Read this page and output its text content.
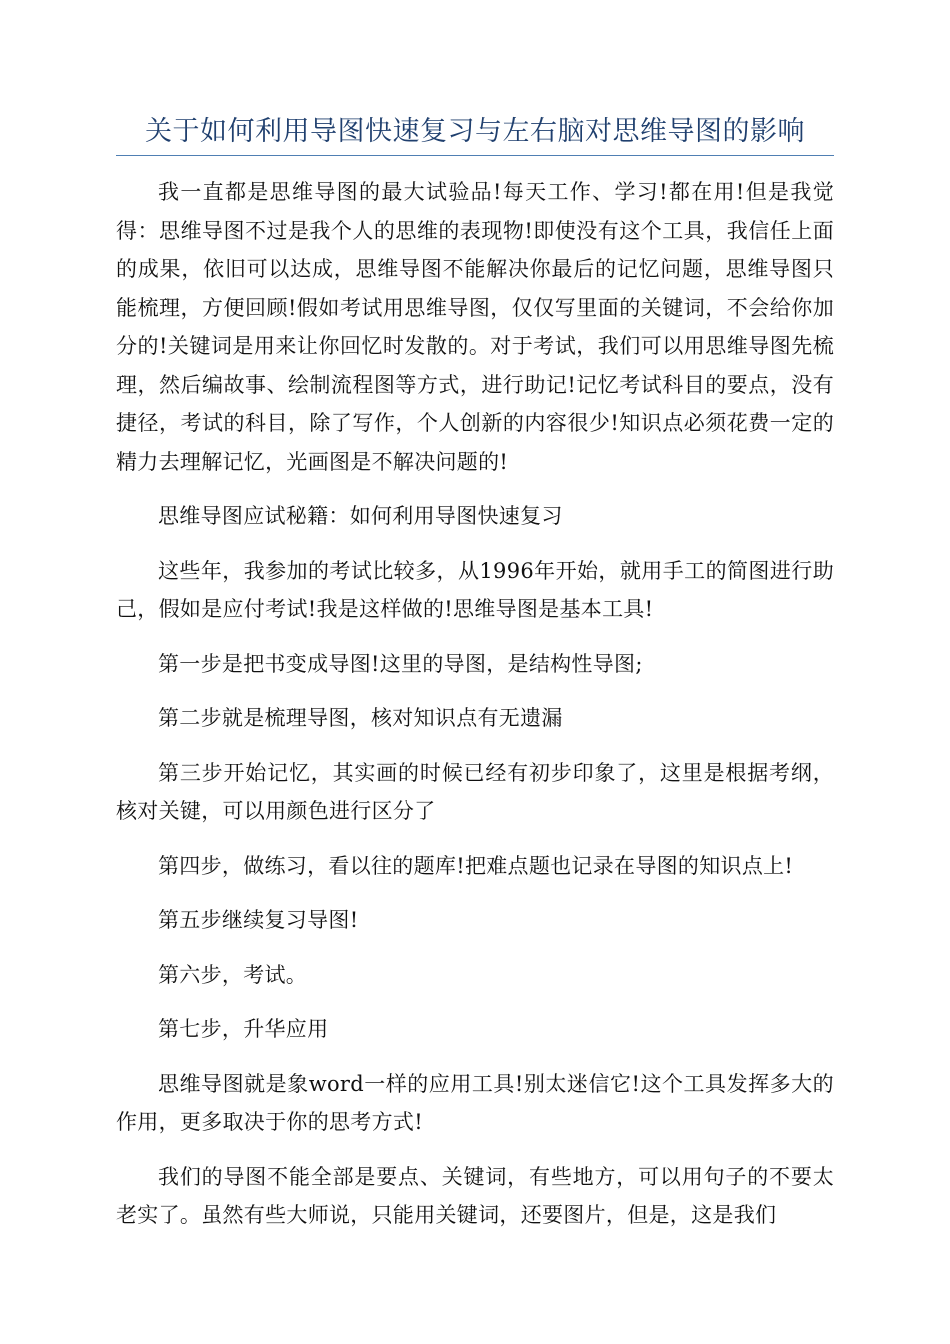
关于如何利用导图快速复习与左右脑对思维导图的影响

我一直都是思维导图的最大试验品!每天工作、学习!都在用!但是我觉得：思维导图不过是我个人的思维的表现物!即使没有这个工具，我信任上面的成果，依旧可以达成，思维导图不能解决你最后的记忆问题，思维导图只能梳理，方便回顾!假如考试用思维导图，仅仅写里面的关键词，不会给你加分的!关键词是用来让你回忆时发散的。对于考试，我们可以用思维导图先梳理，然后编故事、绘制流程图等方式，进行助记!记忆考试科目的要点，没有捷径，考试的科目，除了写作，个人创新的内容很少!知识点必须花费一定的精力去理解记忆，光画图是不解决问题的!

思维导图应试秘籍：如何利用导图快速复习

这些年，我参加的考试比较多，从1996年开始，就用手工的简图进行助己，假如是应付考试!我是这样做的!思维导图是基本工具!

第一步是把书变成导图!这里的导图，是结构性导图;

第二步就是梳理导图，核对知识点有无遗漏

第三步开始记忆，其实画的时候已经有初步印象了，这里是根据考纲，核对关键，可以用颜色进行区分了

第四步，做练习，看以往的题库!把难点题也记录在导图的知识点上!

第五步继续复习导图!

第六步，考试。

第七步，升华应用

思维导图就是象word一样的应用工具!别太迷信它!这个工具发挥多大的作用，更多取决于你的思考方式!

我们的导图不能全部是要点、关键词，有些地方，可以用句子的不要太老实了。虽然有些大师说，只能用关键词，还要图片，但是，这是我们
